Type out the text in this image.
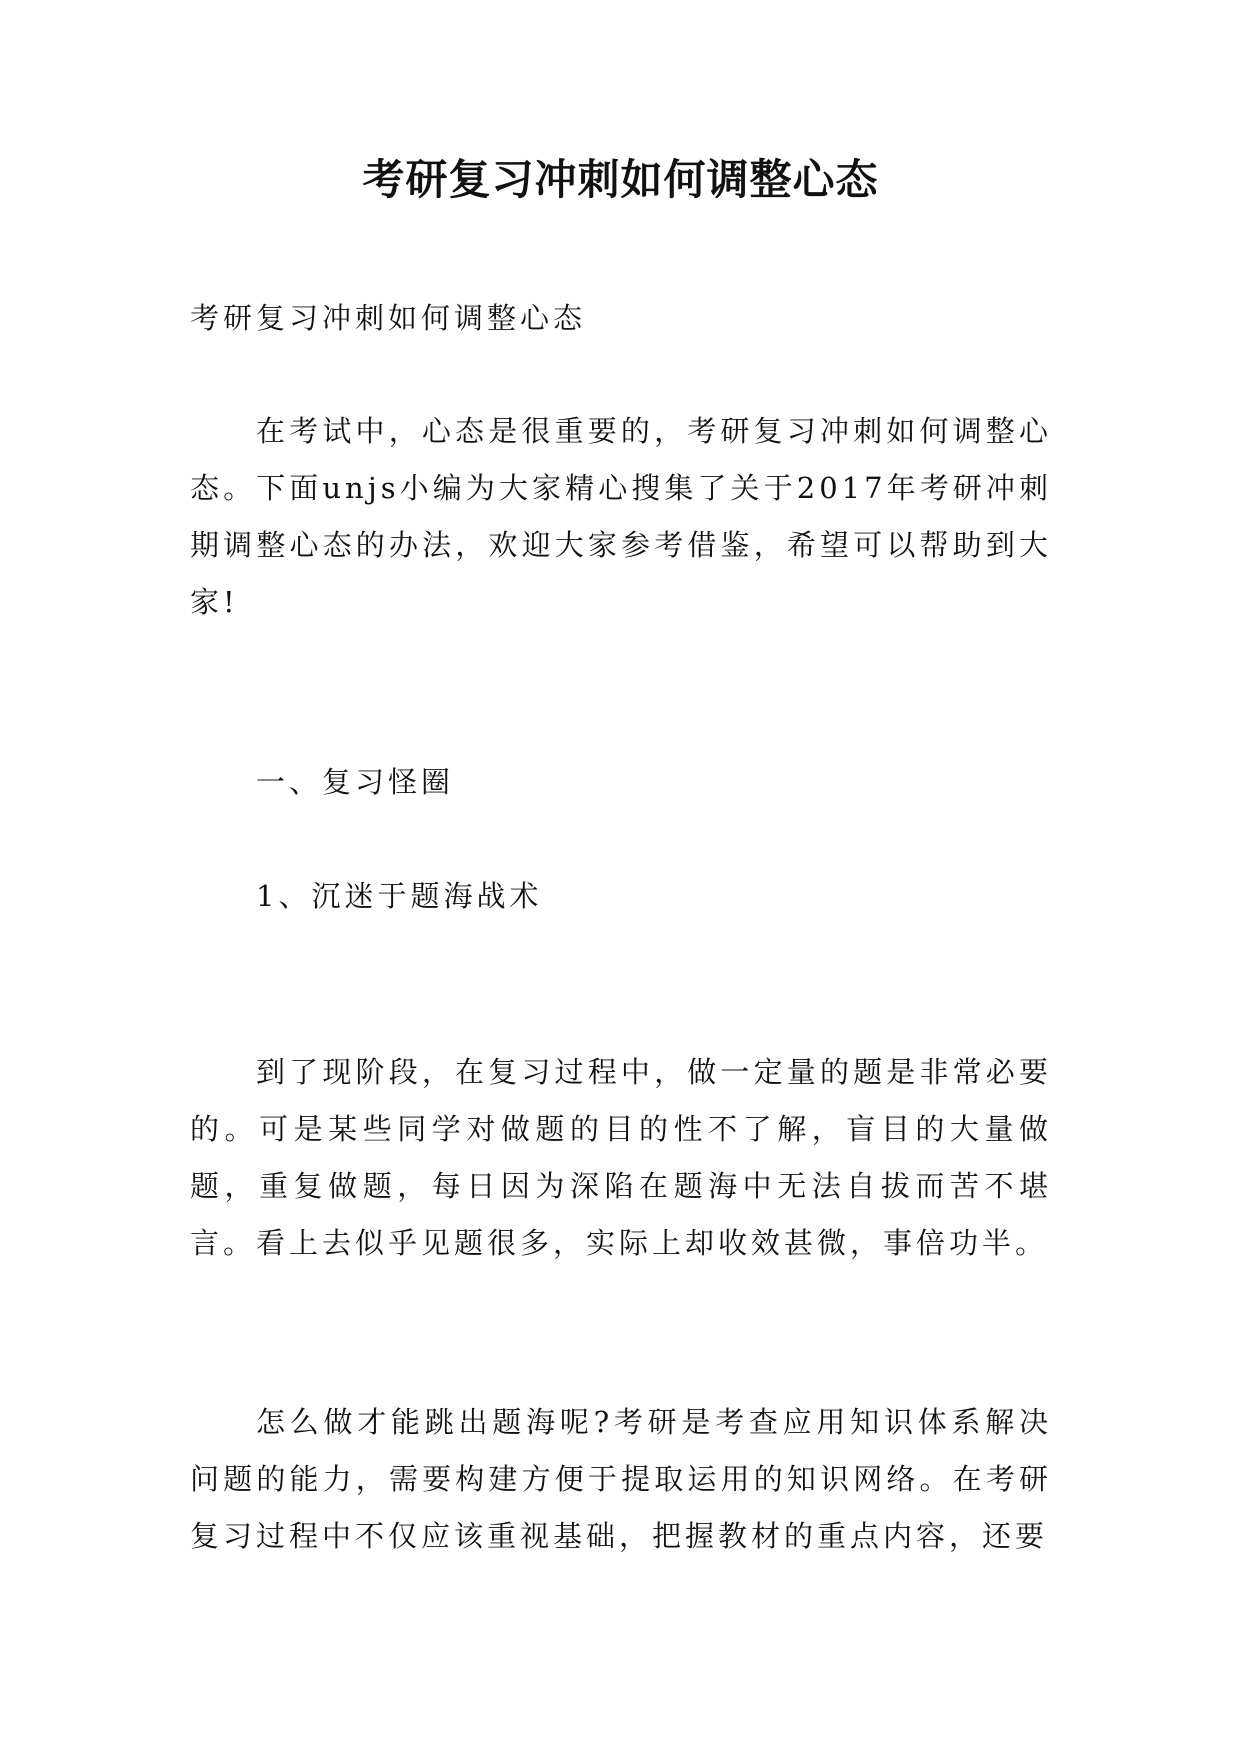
考研复习冲刺如何调整心态

考研复习冲刺如何调整心态

在考试中，心态是很重要的，考研复习冲刺如何调整心态。下面unjs小编为大家精心搜集了关于2017年考研冲刺期调整心态的办法，欢迎大家参考借鉴，希望可以帮助到大家!

一、复习怪圈

1、沉迷于题海战术

到了现阶段，在复习过程中，做一定量的题是非常必要的。可是某些同学对做题的目的性不了解，盲目的大量做题，重复做题，每日因为深陷在题海中无法自拔而苦不堪言。看上去似乎见题很多，实际上却收效甚微，事倍功半。

怎么做才能跳出题海呢?考研是考查应用知识体系解决问题的能力，需要构建方便于提取运用的知识网络。在考研复习过程中不仅应该重视基础，把握教材的重点内容，还要
